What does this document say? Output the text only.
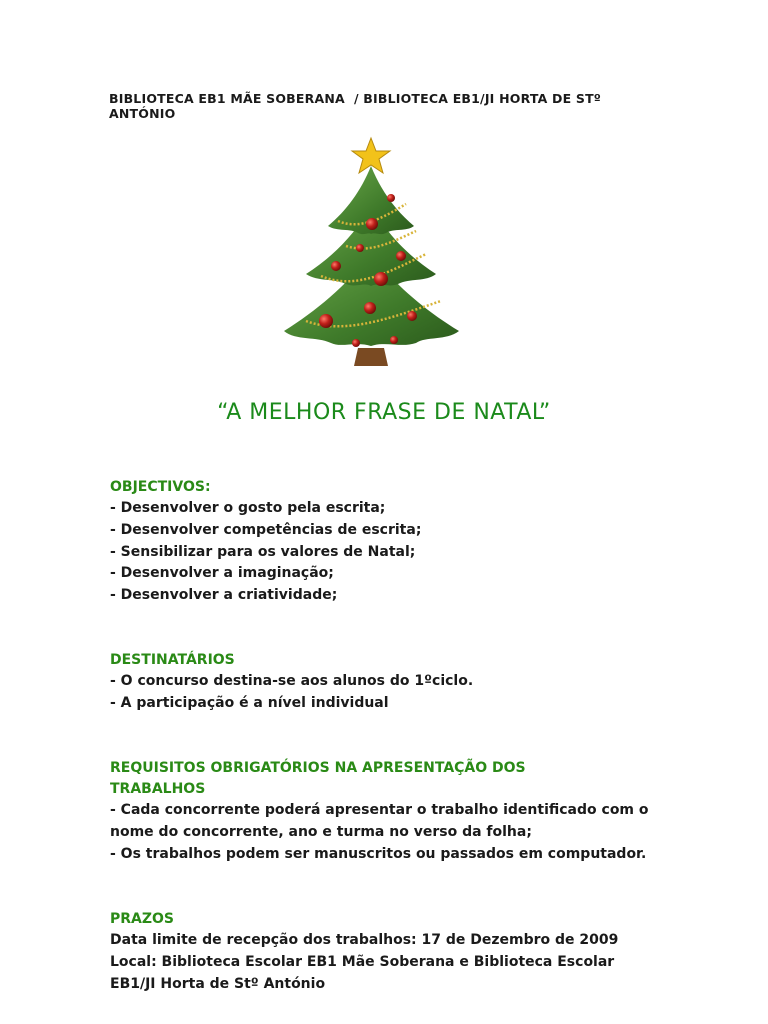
BIBLIOTECA EB1 MÃE SOBERANA  / BIBLIOTECA EB1/JI HORTA DE STº
ANTÓNIO
“A MELHOR FRASE DE NATAL”
OBJECTIVOS:
- Desenvolver o gosto pela escrita;
- Desenvolver competências de escrita;
- Sensibilizar para os valores de Natal;
- Desenvolver a imaginação;
- Desenvolver a criatividade;
DESTINATÁRIOS
- O concurso destina-se aos alunos do 1ºciclo.
- A participação é a nível individual
REQUISITOS OBRIGATÓRIOS NA APRESENTAÇÃO DOS TRABALHOS
- Cada concorrente poderá apresentar o trabalho identificado com o
nome do concorrente, ano e turma no verso da folha;
- Os trabalhos podem ser manuscritos ou passados em computador.
PRAZOS
Data limite de recepção dos trabalhos: 17 de Dezembro de 2009
Local: Biblioteca Escolar EB1 Mãe Soberana e Biblioteca Escolar
EB1/JI Horta de Stº António
